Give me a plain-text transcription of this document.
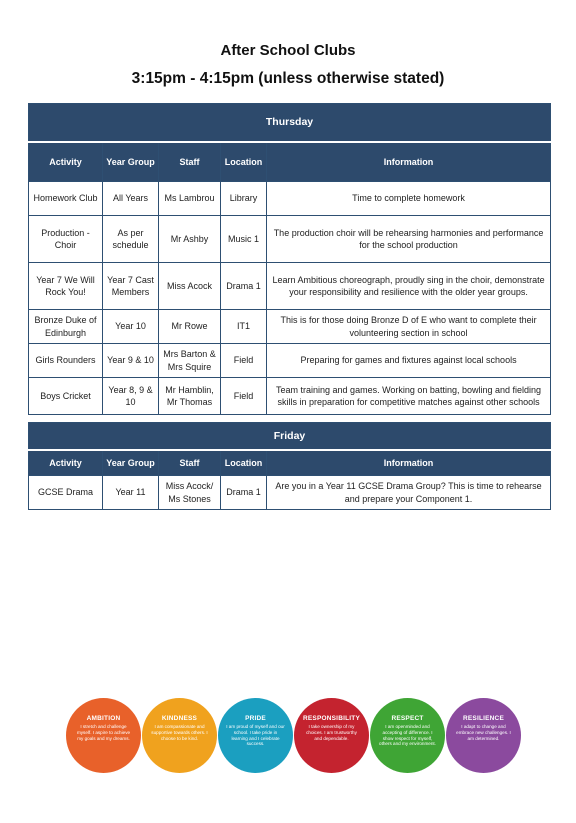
After School Clubs
3:15pm - 4:15pm (unless otherwise stated)
Thursday				
Activity	Year Group	Staff	Location	Information
Homework Club	All Years	Ms Lambrou	Library	Time to complete homework
Production - Choir	As per schedule	Mr Ashby	Music 1	The production choir will be rehearsing harmonies and performance for the school production
Year 7 We Will Rock You!	Year 7 Cast Members	Miss Acock	Drama 1	Learn Ambitious choreograph, proudly sing in the choir, demonstrate your responsibility and resilience with the older year groups.
Bronze Duke of Edinburgh	Year 10	Mr Rowe	IT1	This is for those doing Bronze D of E who want to complete their volunteering section in school
Girls Rounders	Year 9 & 10	Mrs Barton & Mrs Squire	Field	Preparing for games and fixtures against local schools
Boys Cricket	Year 8, 9 & 10	Mr Hamblin, Mr Thomas	Field	Team training and games. Working on batting, bowling and fielding skills in preparation for competitive matches against other schools
Friday				
Activity	Year Group	Staff	Location	Information
GCSE Drama	Year 11	Miss Acock/ Ms Stones	Drama 1	Are you in a Year 11 GCSE Drama Group? This is time to rehearse and prepare your Component 1.
AMBITION
I stretch and challenge myself. I aspire to achieve my goals and my dreams.
KINDNESS
I am compassionate and supportive towards others. I choose to be kind.
PRIDE
I am proud of myself and our school. I take pride in learning and I celebrate success.
RESPONSIBILITY
I take ownership of my choices. I am trustworthy and dependable.
RESPECT
I am openminded and accepting of difference. I show respect for myself, others and my environment.
RESILIENCE
I adapt to change and embrace new challenges. I am determined.
